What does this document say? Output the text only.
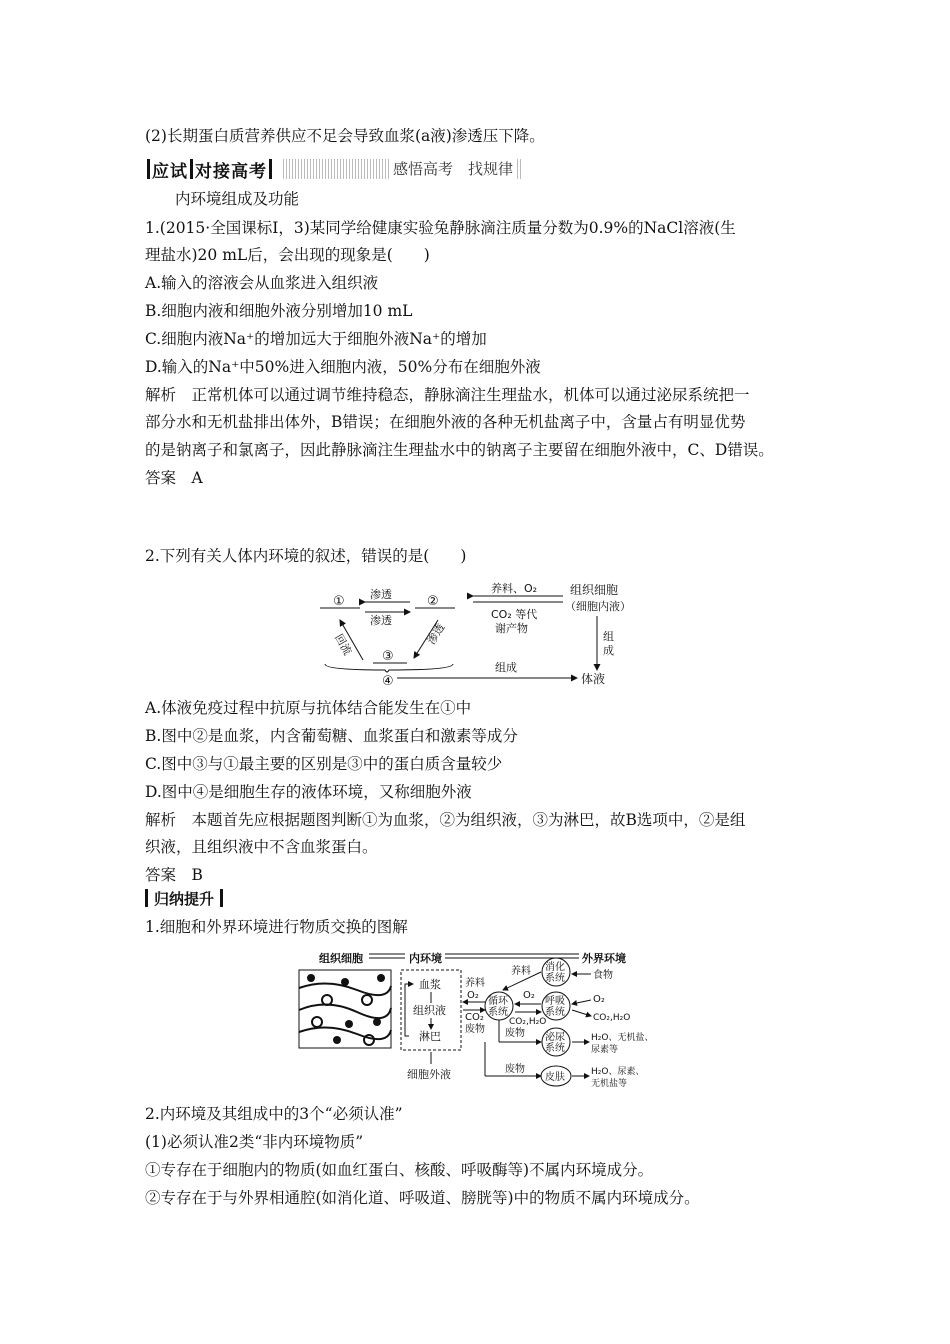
(2)长期蛋白质营养供应不足会导致血浆(a液)渗透压下降。
应试 对接高考	感悟高考　找规律
内环境组成及功能
1.(2015·全国课标Ⅰ，3)某同学给健康实验兔静脉滴注质量分数为0.9%的NaCl溶液(生
理盐水)20 mL后，会出现的现象是(　　)
A.输入的溶液会从血浆进入组织液
B.细胞内液和细胞外液分别增加10 mL
C.细胞内液Na⁺的增加远大于细胞外液Na⁺的增加
D.输入的Na⁺中50%进入细胞内液，50%分布在细胞外液
解析　正常机体可以通过调节维持稳态，静脉滴注生理盐水，机体可以通过泌尿系统把一
部分水和无机盐排出体外，B错误；在细胞外液的各种无机盐离子中，含量占有明显优势
的是钠离子和氯离子，因此静脉滴注生理盐水中的钠离子主要留在细胞外液中，C、D错误。
答案　A
2.下列有关人体内环境的叙述，错误的是(　　)
①	②
渗透
渗透
回流	渗透
③
④
养料、O₂
CO₂ 等代
谢产物
组织细胞
（细胞内液）
组
成
组成
体液
A.体液免疫过程中抗原与抗体结合能发生在①中
B.图中②是血浆，内含葡萄糖、血浆蛋白和激素等成分
C.图中③与①最主要的区别是③中的蛋白质含量较少
D.图中④是细胞生存的液体环境，又称细胞外液
解析　本题首先应根据题图判断①为血浆，②为组织液，③为淋巴，故B选项中，②是组
织液，且组织液中不含血浆蛋白。
答案　B
归纳提升
1.细胞和外界环境进行物质交换的图解
组织细胞	内环境	外界环境
血浆
组织液
淋巴
细胞外液
养料
O₂
CO₂
废物
循环
系统
养料 消化
系统	食物
O₂
CO₂,H₂O
呼吸
系统
O₂
CO₂,H₂O
废物 泌尿
系统
H₂O、无机盐、
尿素等
废物
皮肤	H₂O、尿素、
无机盐等
2.内环境及其组成中的3个“必须认准”
(1)必须认准2类“非内环境物质”
①专存在于细胞内的物质(如血红蛋白、核酸、呼吸酶等)不属内环境成分。
②专存在于与外界相通腔(如消化道、呼吸道、膀胱等)中的物质不属内环境成分。
